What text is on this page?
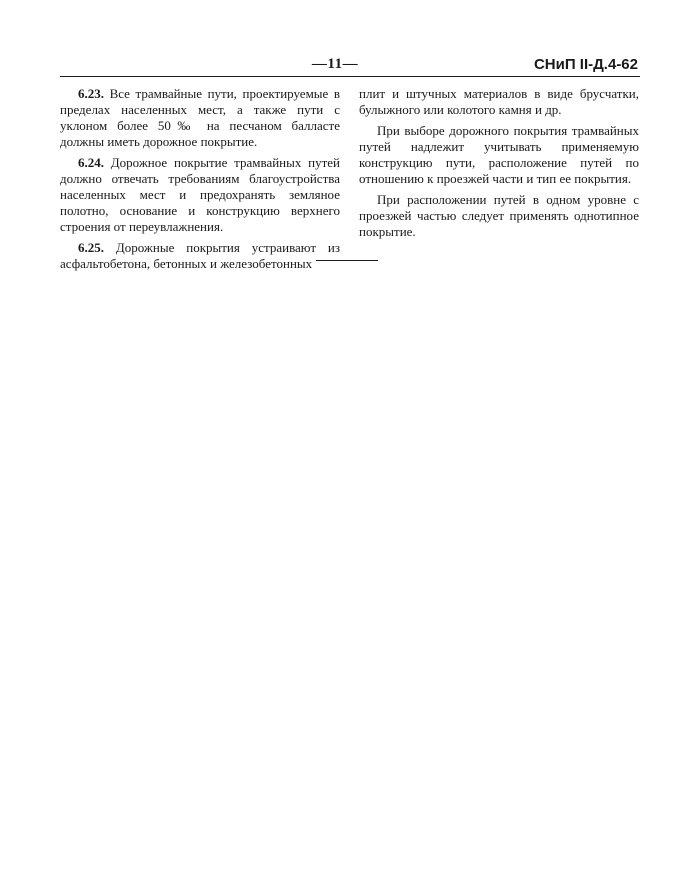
—11—	СНиП II-Д.4-62

6.23. Все трамвайные пути, проектируемые в пределах населенных мест, а также пути с уклоном более 50‰ на песчаном балласте должны иметь дорожное покрытие.

6.24. Дорожное покрытие трамвайных путей должно отвечать требованиям благоустройства населенных мест и предохранять земляное полотно, основание и конструкцию верхнего строения от переувлажнения.

6.25. Дорожные покрытия устраивают из асфальтобетона, бетонных и железобетонных

плит и штучных материалов в виде брусчатки, булыжного или колотого камня и др.

При выборе дорожного покрытия трамвайных путей надлежит учитывать применяемую конструкцию пути, расположение путей по отношению к проезжей части и тип ее покрытия.

При расположении путей в одном уровне с проезжей частью следует применять однотипное покрытие.
